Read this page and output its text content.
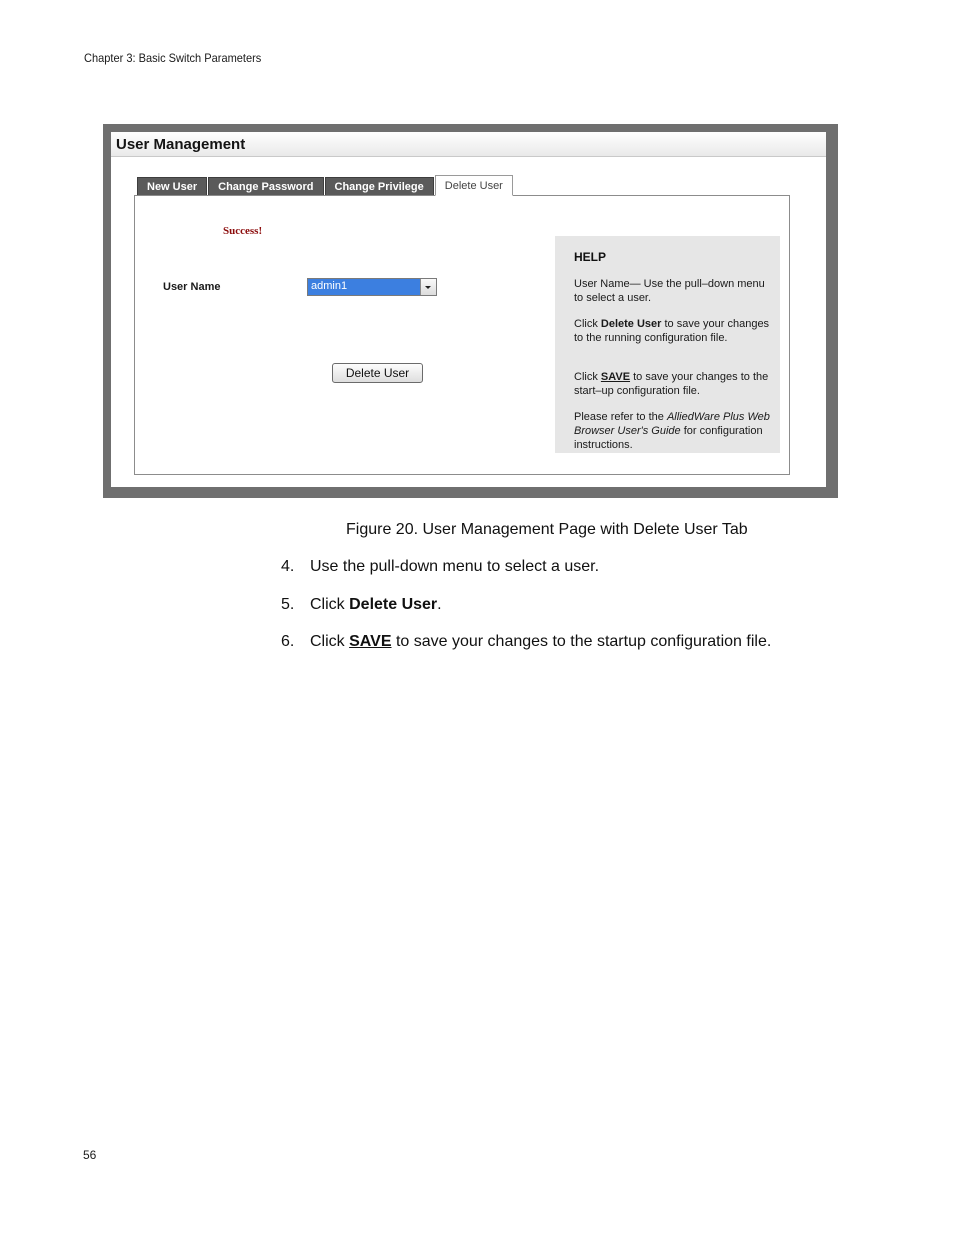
Chapter 3: Basic Switch Parameters
User Management
New User	Change Password	Change Privilege	Delete User
Success!
User Name	admin1
Delete User
HELP
User Name— Use the pull–down menu to select a user.
Click Delete User to save your changes to the running configuration file.
Click SAVE to save your changes to the start–up configuration file.
Please refer to the AlliedWare Plus Web Browser User's Guide for configuration instructions.
Figure 20. User Management Page with Delete User Tab
4. Use the pull-down menu to select a user.
5. Click Delete User.
6. Click SAVE to save your changes to the startup configuration file.
56
